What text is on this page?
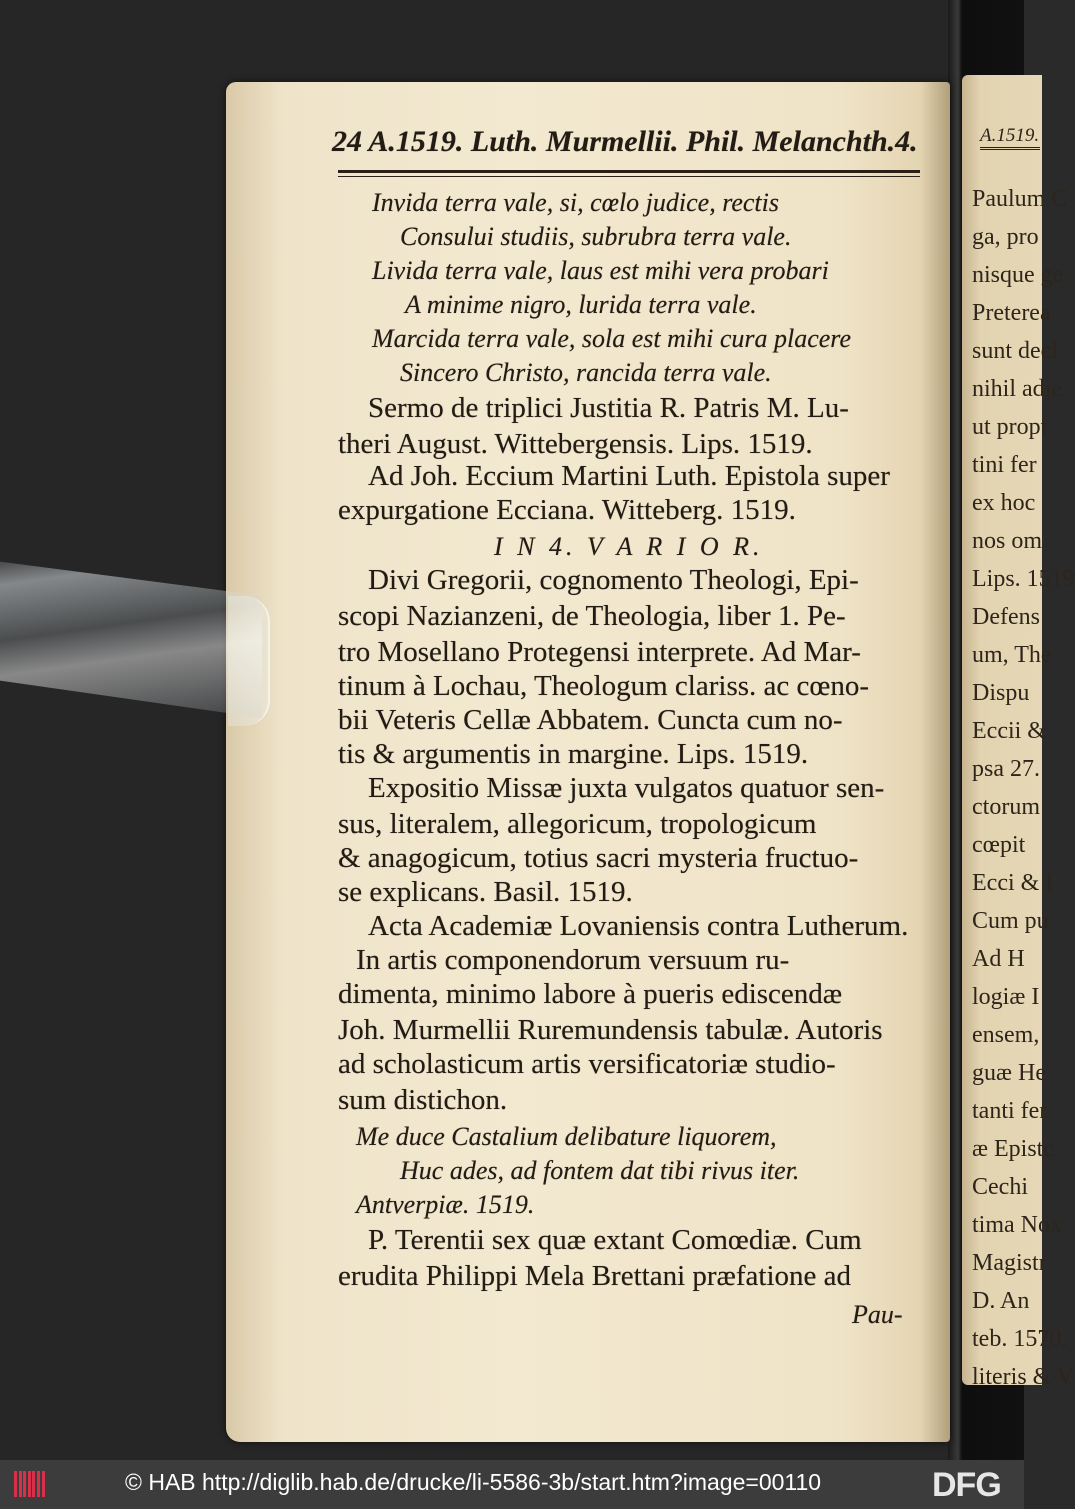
A.1519.
Paulum C
ga, pro
nisque ge
Preterea
sunt decl
nihil adje
ut propt
tini fer
ex hoc
nos om
Lips. 1519
Defens
um, The
Dispu
Eccii &
psa 27.
ctorum
cœpit
Ecci & I
Cum pu
Ad H
logiæ I
ensem,
guæ He
tanti fer
æ Epistc
Cechi
tima Nox
Magistr
D. An
teb. 1570.
literis & V
24 A.1519. Luth. Murmellii. Phil. Melanchth.4.
Invida terra vale, si, cœlo judice, rectis
Consului studiis, subrubra terra vale.
Livida terra vale, laus est mihi vera probari
A minime nigro, lurida terra vale.
Marcida terra vale, sola est mihi cura placere
Sincero Christo, rancida terra vale.
Sermo de triplici Justitia R. Patris M. Lu-
theri August. Wittebergensis. Lips. 1519.
Ad Joh. Eccium Martini Luth. Epistola super
expurgatione Ecciana. Witteberg. 1519.
I N 4. V A R I O R.
Divi Gregorii, cognomento Theologi, Epi-
scopi Nazianzeni, de Theologia, liber 1. Pe-
tro Mosellano Protegensi interprete. Ad Mar-
tinum à Lochau, Theologum clariss. ac cœno-
bii Veteris Cellæ Abbatem. Cuncta cum no-
tis & argumentis in margine. Lips. 1519.
Expositio Missæ juxta vulgatos quatuor sen-
sus, literalem, allegoricum, tropologicum
& anagogicum, totius sacri mysteria fructuo-
se explicans. Basil. 1519.
Acta Academiæ Lovaniensis contra Lutherum.
In artis componendorum versuum ru-
dimenta, minimo labore à pueris ediscendæ
Joh. Murmellii Ruremundensis tabulæ. Autoris
ad scholasticum artis versificatoriæ studio-
sum distichon.
Me duce Castalium delibature liquorem,
Huc ades, ad fontem dat tibi rivus iter.
Antverpiæ. 1519.
P. Terentii sex quæ extant Comœdiæ. Cum
erudita Philippi Mela Brettani præfatione ad
Pau-
© HAB http://diglib.hab.de/drucke/li-5586-3b/start.htm?image=00110	DFG
